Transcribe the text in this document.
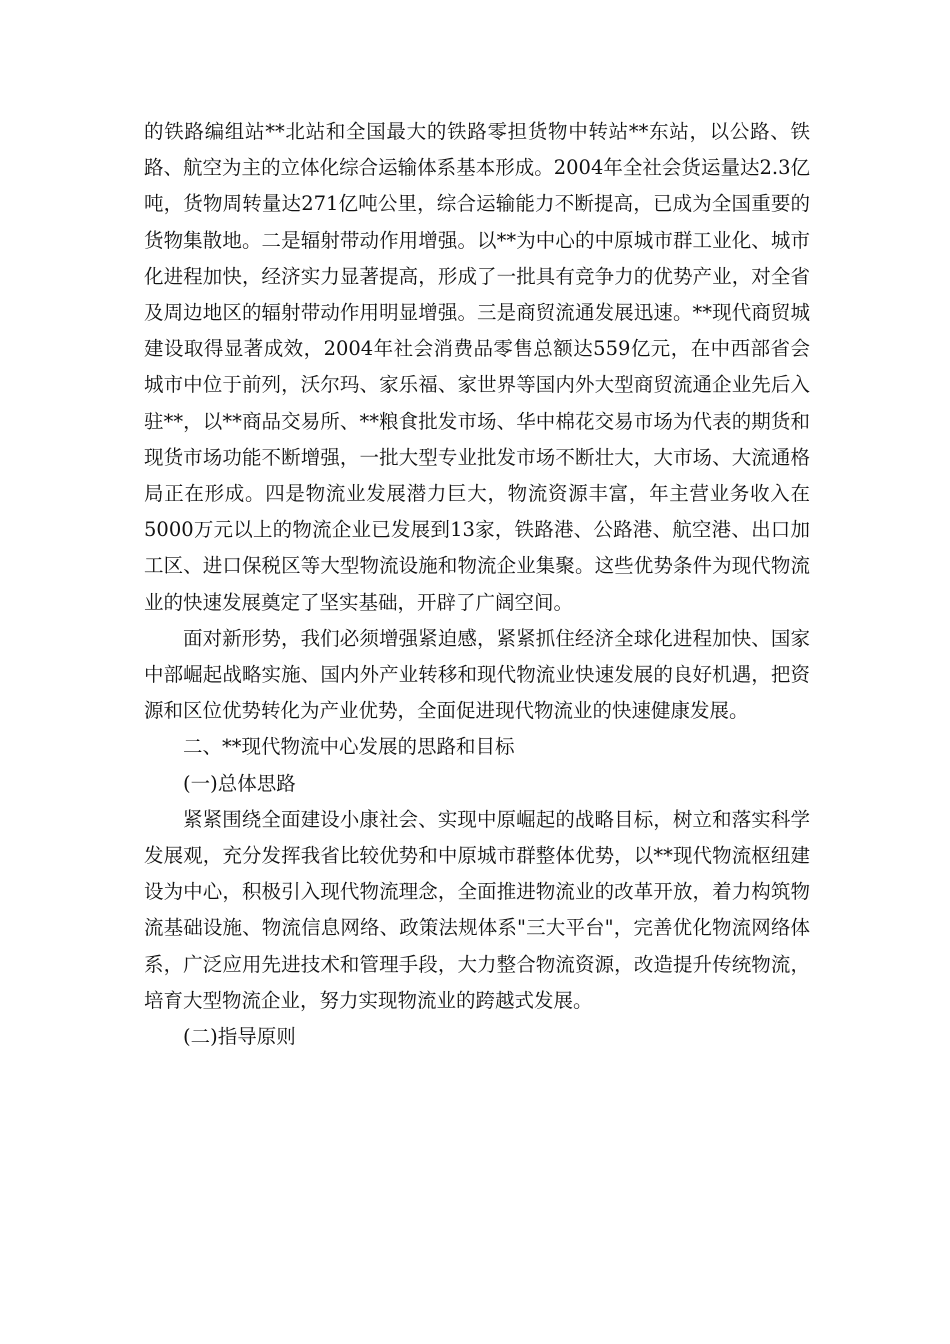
的铁路编组站**北站和全国最大的铁路零担货物中转站**东站，以公路、铁路、航空为主的立体化综合运输体系基本形成。2004年全社会货运量达2.3亿吨，货物周转量达271亿吨公里，综合运输能力不断提高，已成为全国重要的货物集散地。二是辐射带动作用增强。以**为中心的中原城市群工业化、城市化进程加快，经济实力显著提高，形成了一批具有竞争力的优势产业，对全省及周边地区的辐射带动作用明显增强。三是商贸流通发展迅速。**现代商贸城建设取得显著成效，2004年社会消费品零售总额达559亿元，在中西部省会城市中位于前列，沃尔玛、家乐福、家世界等国内外大型商贸流通企业先后入驻**，以**商品交易所、**粮食批发市场、华中棉花交易市场为代表的期货和现货市场功能不断增强，一批大型专业批发市场不断壮大，大市场、大流通格局正在形成。四是物流业发展潜力巨大，物流资源丰富，年主营业务收入在5000万元以上的物流企业已发展到13家，铁路港、公路港、航空港、出口加工区、进口保税区等大型物流设施和物流企业集聚。这些优势条件为现代物流业的快速发展奠定了坚实基础，开辟了广阔空间。

面对新形势，我们必须增强紧迫感，紧紧抓住经济全球化进程加快、国家中部崛起战略实施、国内外产业转移和现代物流业快速发展的良好机遇，把资源和区位优势转化为产业优势，全面促进现代物流业的快速健康发展。

二、**现代物流中心发展的思路和目标

(一)总体思路

紧紧围绕全面建设小康社会、实现中原崛起的战略目标，树立和落实科学发展观，充分发挥我省比较优势和中原城市群整体优势，以**现代物流枢纽建设为中心，积极引入现代物流理念，全面推进物流业的改革开放，着力构筑物流基础设施、物流信息网络、政策法规体系"三大平台"，完善优化物流网络体系，广泛应用先进技术和管理手段，大力整合物流资源，改造提升传统物流，培育大型物流企业，努力实现物流业的跨越式发展。

(二)指导原则
